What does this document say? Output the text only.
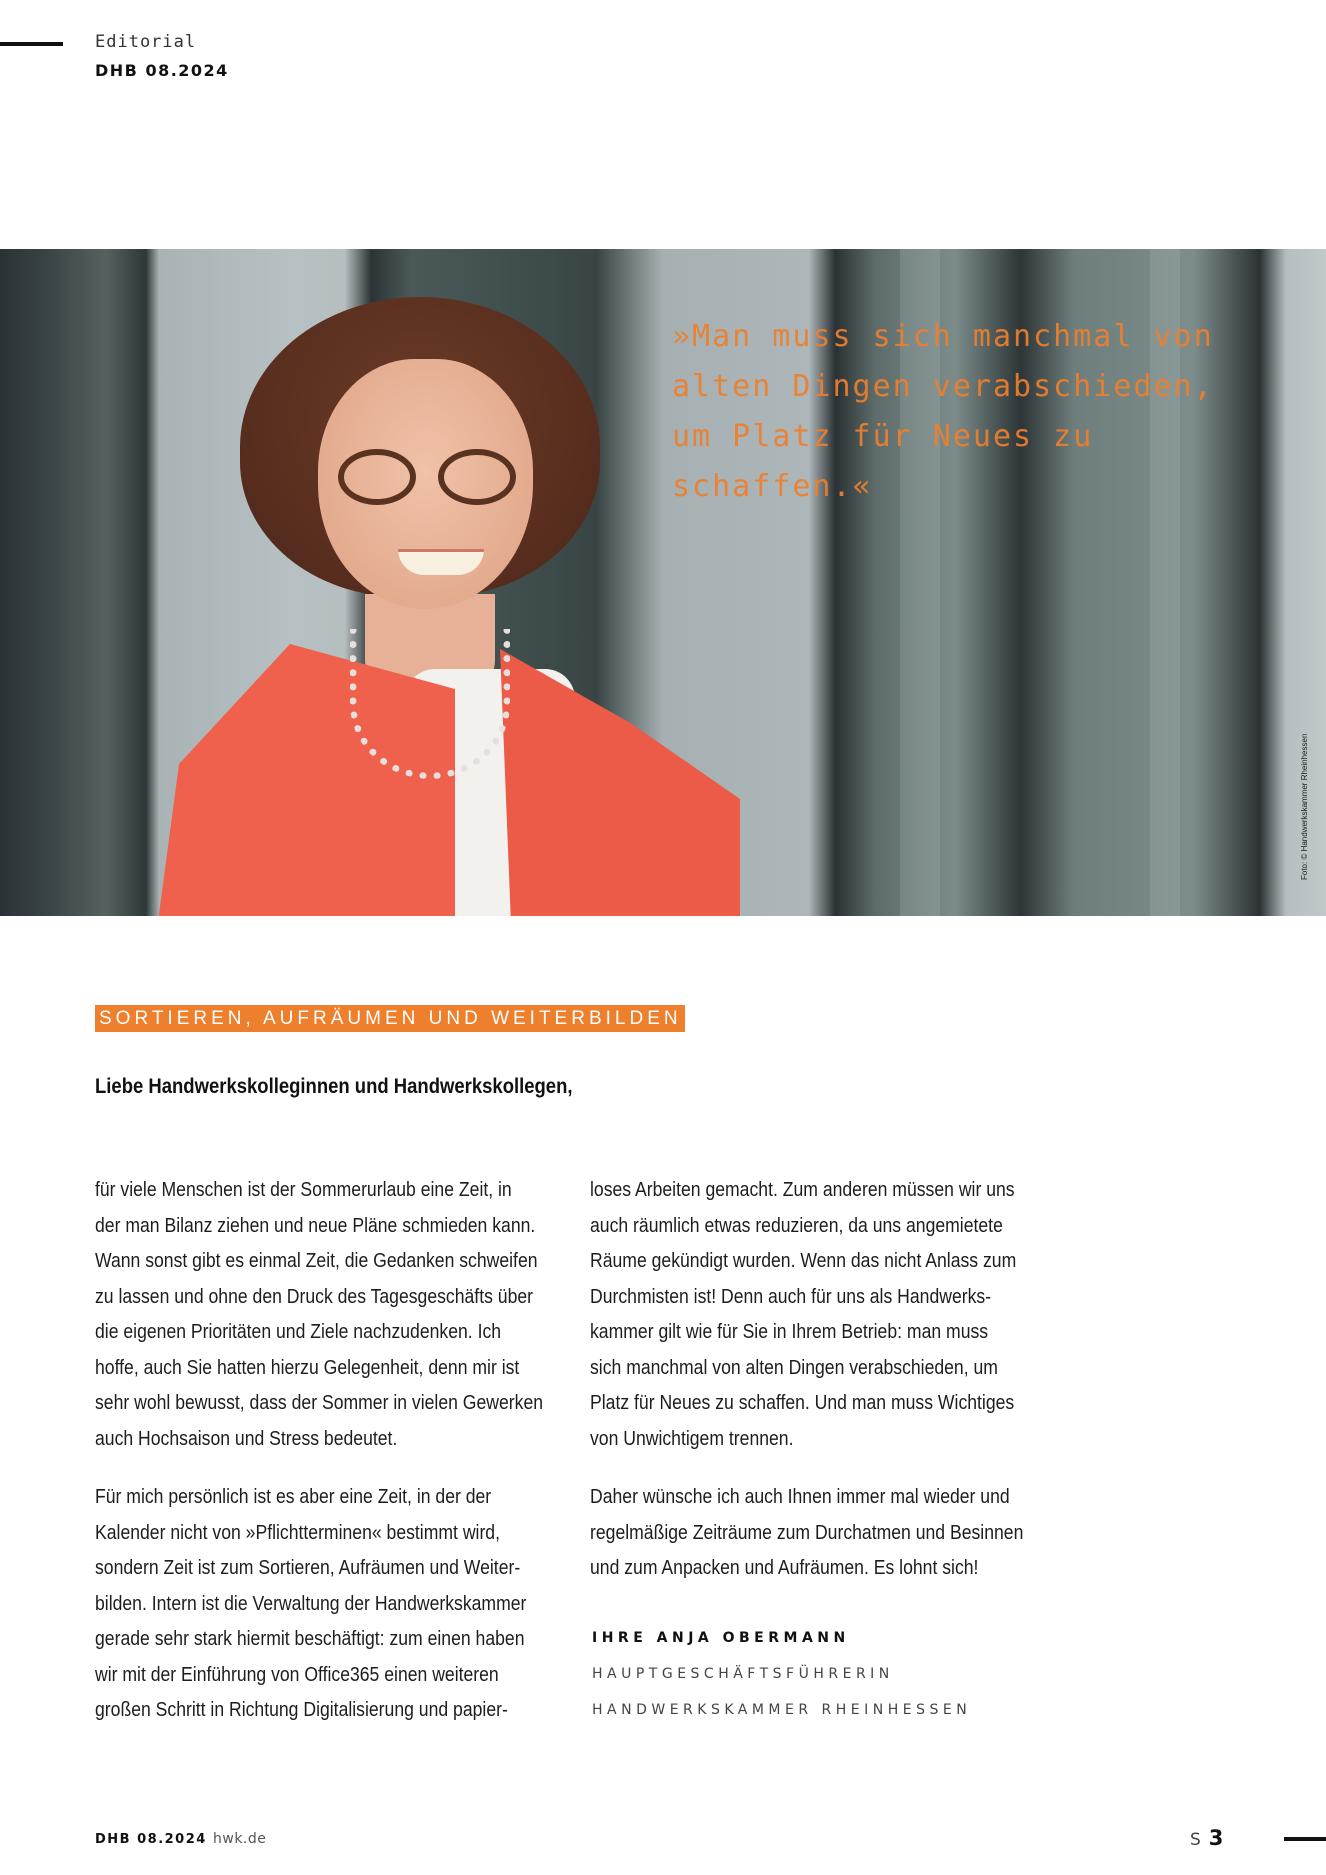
Editorial
DHB 08.2024
»Man muss sich manchmal von alten Dingen verabschieden, um Platz für Neues zu schaffen.«
Foto: © Handwerkskammer Rheinhessen
SORTIEREN, AUFRÄUMEN UND WEITERBILDEN
Liebe Handwerkskolleginnen und Handwerkskollegen,

für viele Menschen ist der Sommerurlaub eine Zeit, in
der man Bilanz ziehen und neue Pläne schmieden kann.
Wann sonst gibt es einmal Zeit, die Gedanken schweifen
zu lassen und ohne den Druck des Tagesgeschäfts über
die eigenen Prioritäten und Ziele nachzudenken. Ich
hoffe, auch Sie hatten hierzu Gelegenheit, denn mir ist
sehr wohl bewusst, dass der Sommer in vielen Gewerken
auch Hochsaison und Stress bedeutet.

Für mich persönlich ist es aber eine Zeit, in der der
Kalender nicht von »Pflichtterminen« bestimmt wird,
sondern Zeit ist zum Sortieren, Aufräumen und Weiter-
bilden. Intern ist die Verwaltung der Handwerkskammer
gerade sehr stark hiermit beschäftigt: zum einen haben
wir mit der Einführung von Office365 einen weiteren
großen Schritt in Richtung Digitalisierung und papier-

loses Arbeiten gemacht. Zum anderen müssen wir uns
auch räumlich etwas reduzieren, da uns angemietete
Räume gekündigt wurden. Wenn das nicht Anlass zum
Durchmisten ist! Denn auch für uns als Handwerks-
kammer gilt wie für Sie in Ihrem Betrieb: man muss
sich manchmal von alten Dingen verabschieden, um
Platz für Neues zu schaffen. Und man muss Wichtiges
von Unwichtigem trennen.

Daher wünsche ich auch Ihnen immer mal wieder und
regelmäßige Zeiträume zum Durchatmen und Besinnen
und zum Anpacken und Aufräumen. Es lohnt sich!

IHRE ANJA OBERMANN
HAUPTGESCHÄFTSFÜHRERIN
HANDWERKSKAMMER RHEINHESSEN
DHB 08.2024 hwk.de	S 3
